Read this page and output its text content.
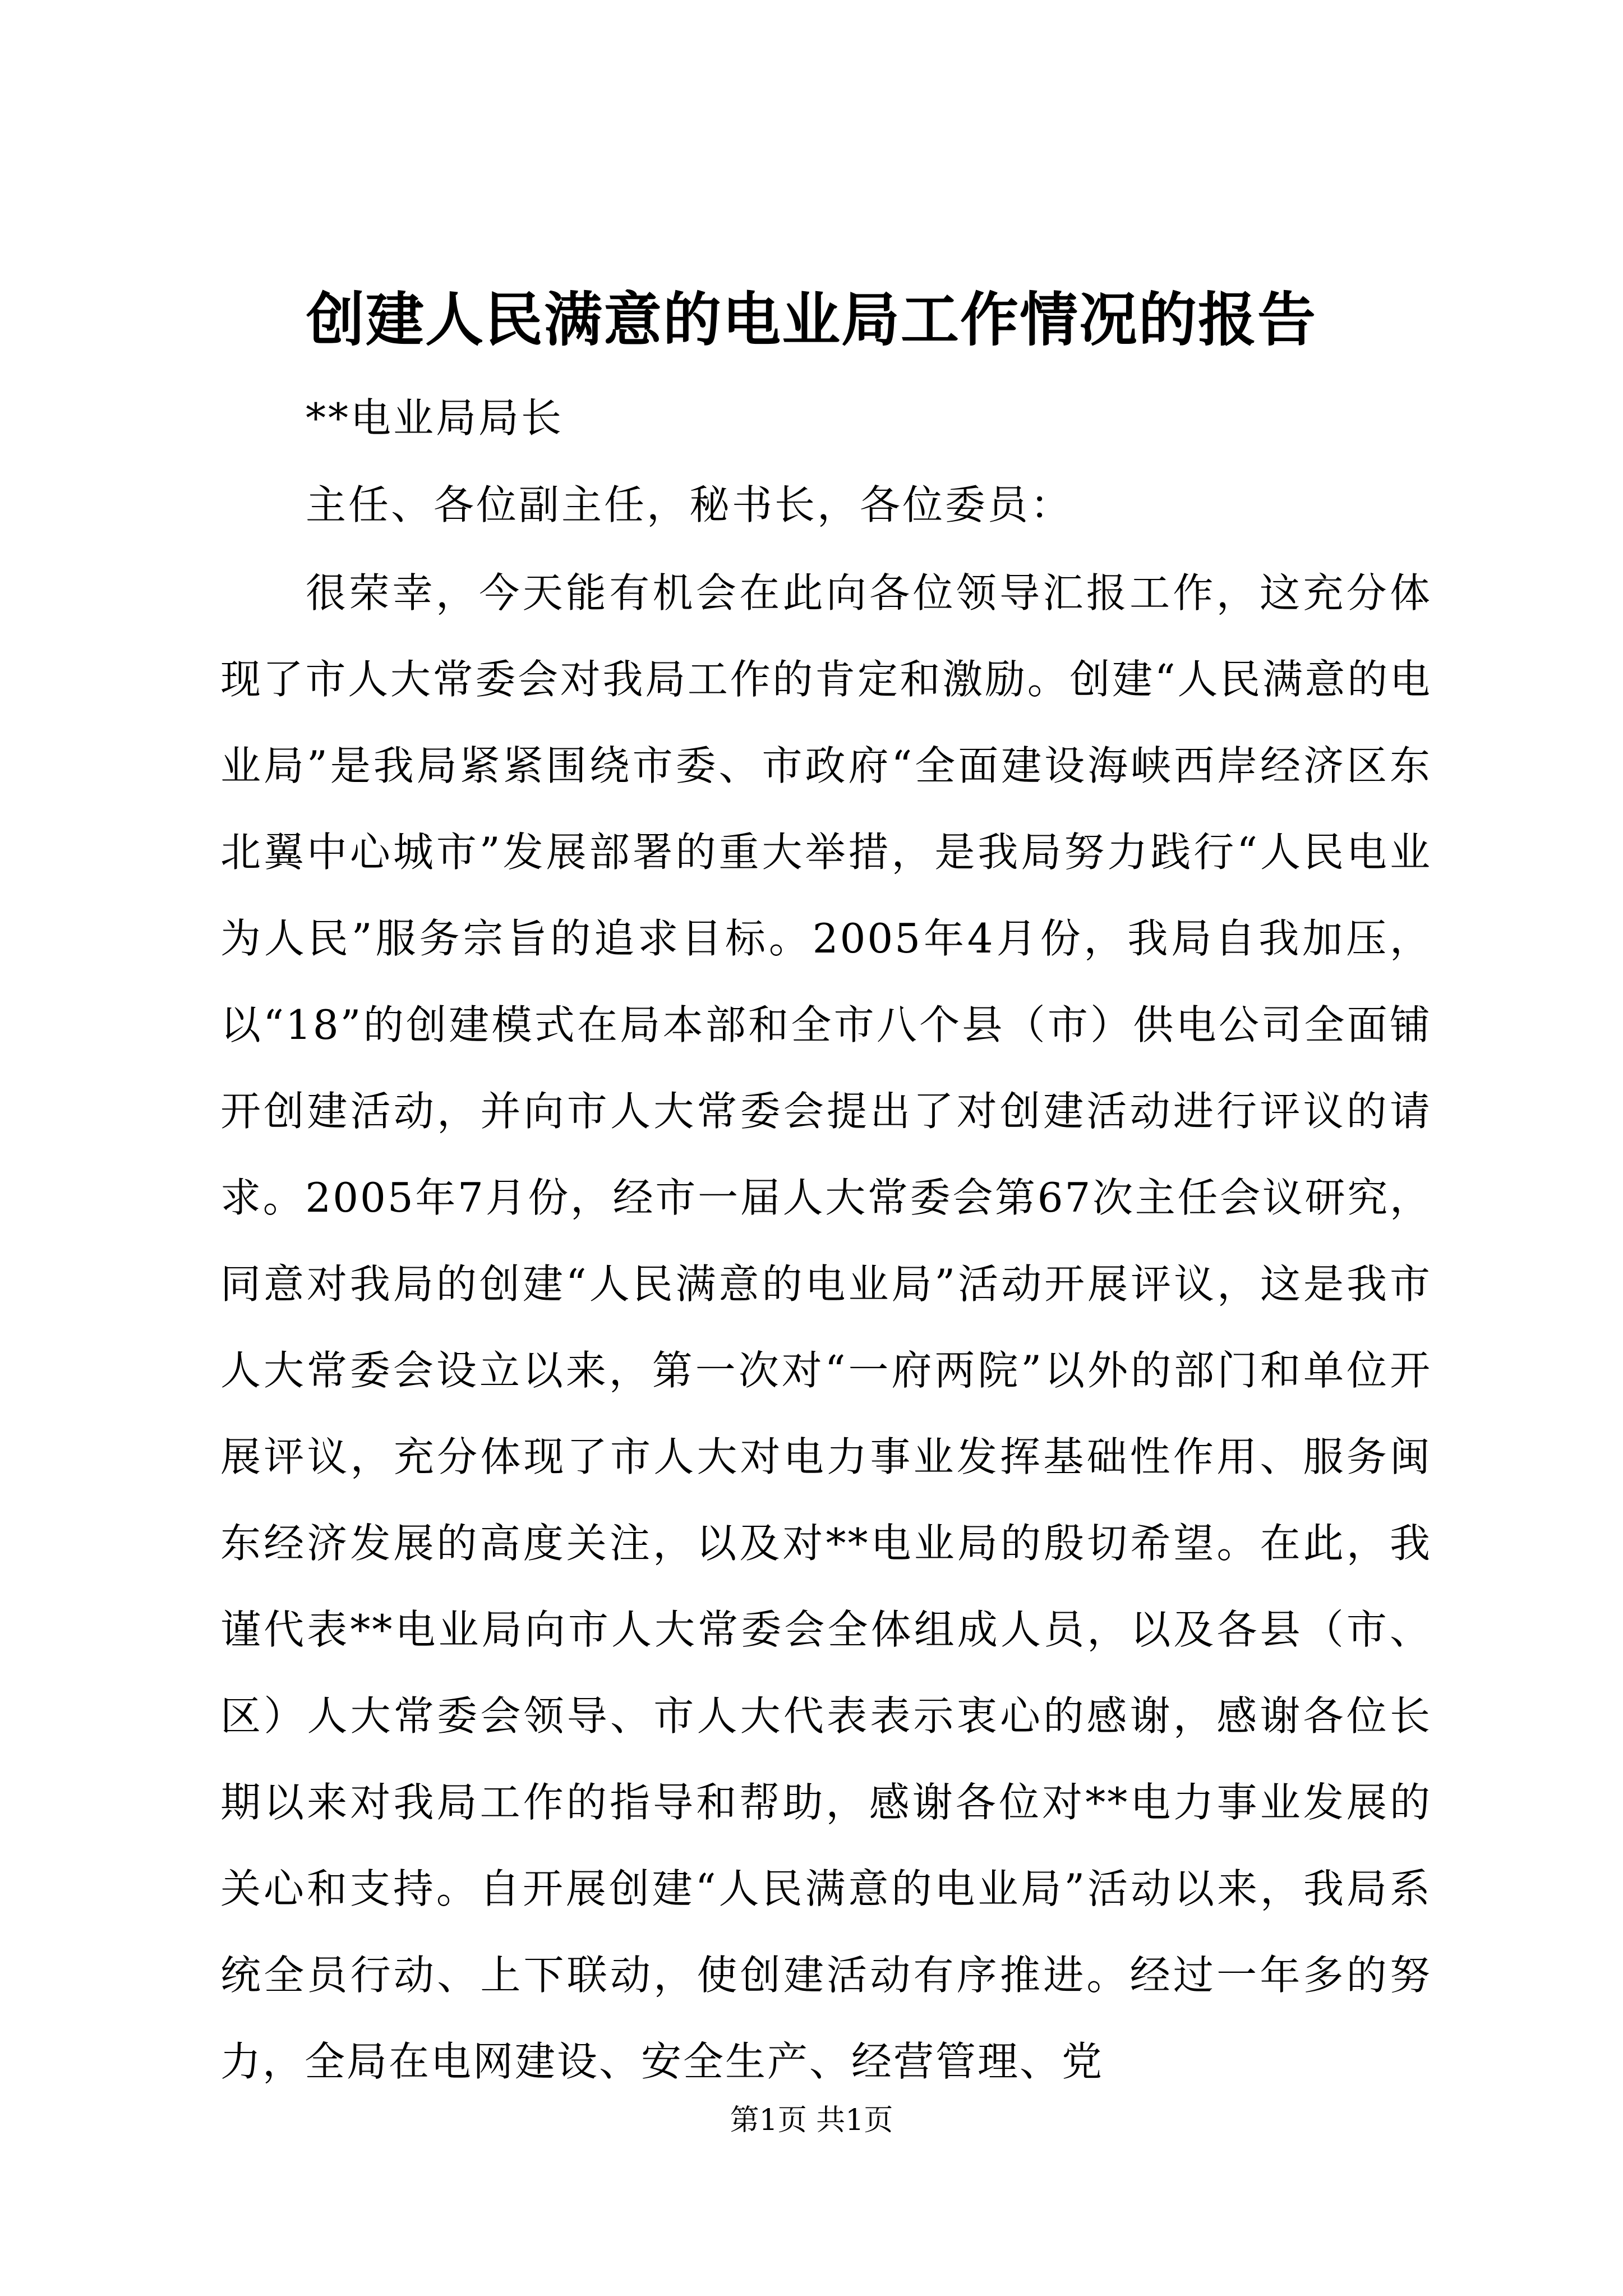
创建人民满意的电业局工作情况的报告
**电业局局长
主任、各位副主任，秘书长，各位委员：

很荣幸，今天能有机会在此向各位领导汇报工作，这充分体现了市人大常委会对我局工作的肯定和激励。创建“人民满意的电业局”是我局紧紧围绕市委、市政府“全面建设海峡西岸经济区东北翼中心城市”发展部署的重大举措，是我局努力践行“人民电业为人民”服务宗旨的追求目标。2005年4月份，我局自我加压，以“18”的创建模式在局本部和全市八个县（市）供电公司全面铺开创建活动，并向市人大常委会提出了对创建活动进行评议的请求。2005年7月份，经市一届人大常委会第67次主任会议研究，同意对我局的创建“人民满意的电业局”活动开展评议，这是我市人大常委会设立以来，第一次对“一府两院”以外的部门和单位开展评议，充分体现了市人大对电力事业发挥基础性作用、服务闽东经济发展的高度关注，以及对**电业局的殷切希望。在此，我谨代表**电业局向市人大常委会全体组成人员，以及各县（市、区）人大常委会领导、市人大代表表示衷心的感谢，感谢各位长期以来对我局工作的指导和帮助，感谢各位对**电力事业发展的关心和支持。自开展创建“人民满意的电业局”活动以来，我局系统全员行动、上下联动，使创建活动有序推进。经过一年多的努力，全局在电网建设、安全生产、经营管理、党

第1页 共1页
